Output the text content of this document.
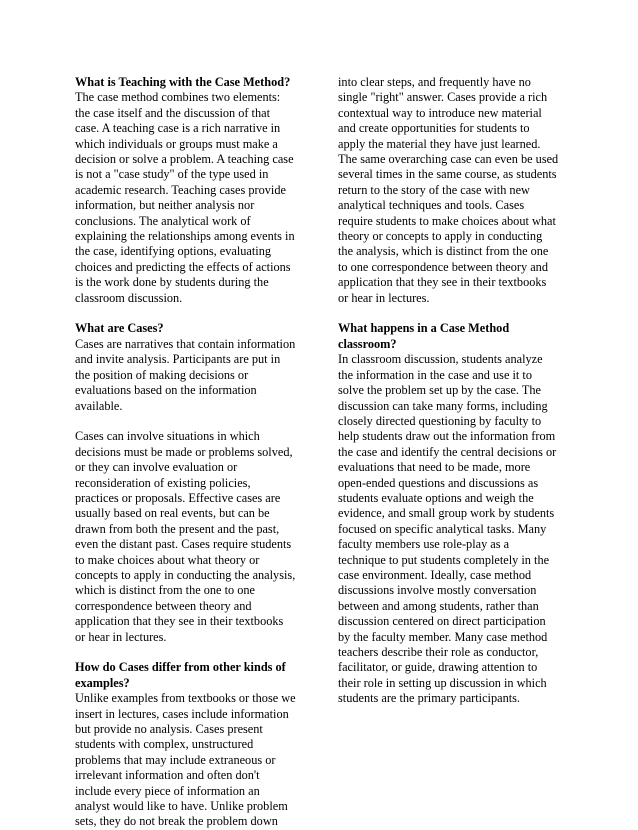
What is Teaching with the Case Method?

The case method combines two elements:
the case itself and the discussion of that
case. A teaching case is a rich narrative in
which individuals or groups must make a
decision or solve a problem. A teaching case
is not a "case study" of the type used in
academic research. Teaching cases provide
information, but neither analysis nor
conclusions. The analytical work of
explaining the relationships among events in
the case, identifying options, evaluating
choices and predicting the effects of actions
is the work done by students during the
classroom discussion.

What are Cases?

Cases are narratives that contain information
and invite analysis. Participants are put in
the position of making decisions or
evaluations based on the information
available.

Cases can involve situations in which
decisions must be made or problems solved,
or they can involve evaluation or
reconsideration of existing policies,
practices or proposals. Effective cases are
usually based on real events, but can be
drawn from both the present and the past,
even the distant past. Cases require students
to make choices about what theory or
concepts to apply in conducting the analysis,
which is distinct from the one to one
correspondence between theory and
application that they see in their textbooks
or hear in lectures.

How do Cases differ from other kinds of
examples?

Unlike examples from textbooks or those we
insert in lectures, cases include information
but provide no analysis. Cases present
students with complex, unstructured
problems that may include extraneous or
irrelevant information and often don't
include every piece of information an
analyst would like to have. Unlike problem
sets, they do not break the problem down

into clear steps, and frequently have no
single "right" answer. Cases provide a rich
contextual way to introduce new material
and create opportunities for students to
apply the material they have just learned.
The same overarching case can even be used
several times in the same course, as students
return to the story of the case with new
analytical techniques and tools. Cases
require students to make choices about what
theory or concepts to apply in conducting
the analysis, which is distinct from the one
to one correspondence between theory and
application that they see in their textbooks
or hear in lectures.

What happens in a Case Method
classroom?

In classroom discussion, students analyze
the information in the case and use it to
solve the problem set up by the case. The
discussion can take many forms, including
closely directed questioning by faculty to
help students draw out the information from
the case and identify the central decisions or
evaluations that need to be made, more
open-ended questions and discussions as
students evaluate options and weigh the
evidence, and small group work by students
focused on specific analytical tasks. Many
faculty members use role-play as a
technique to put students completely in the
case environment. Ideally, case method
discussions involve mostly conversation
between and among students, rather than
discussion centered on direct participation
by the faculty member. Many case method
teachers describe their role as conductor,
facilitator, or guide, drawing attention to
their role in setting up discussion in which
students are the primary participants.
